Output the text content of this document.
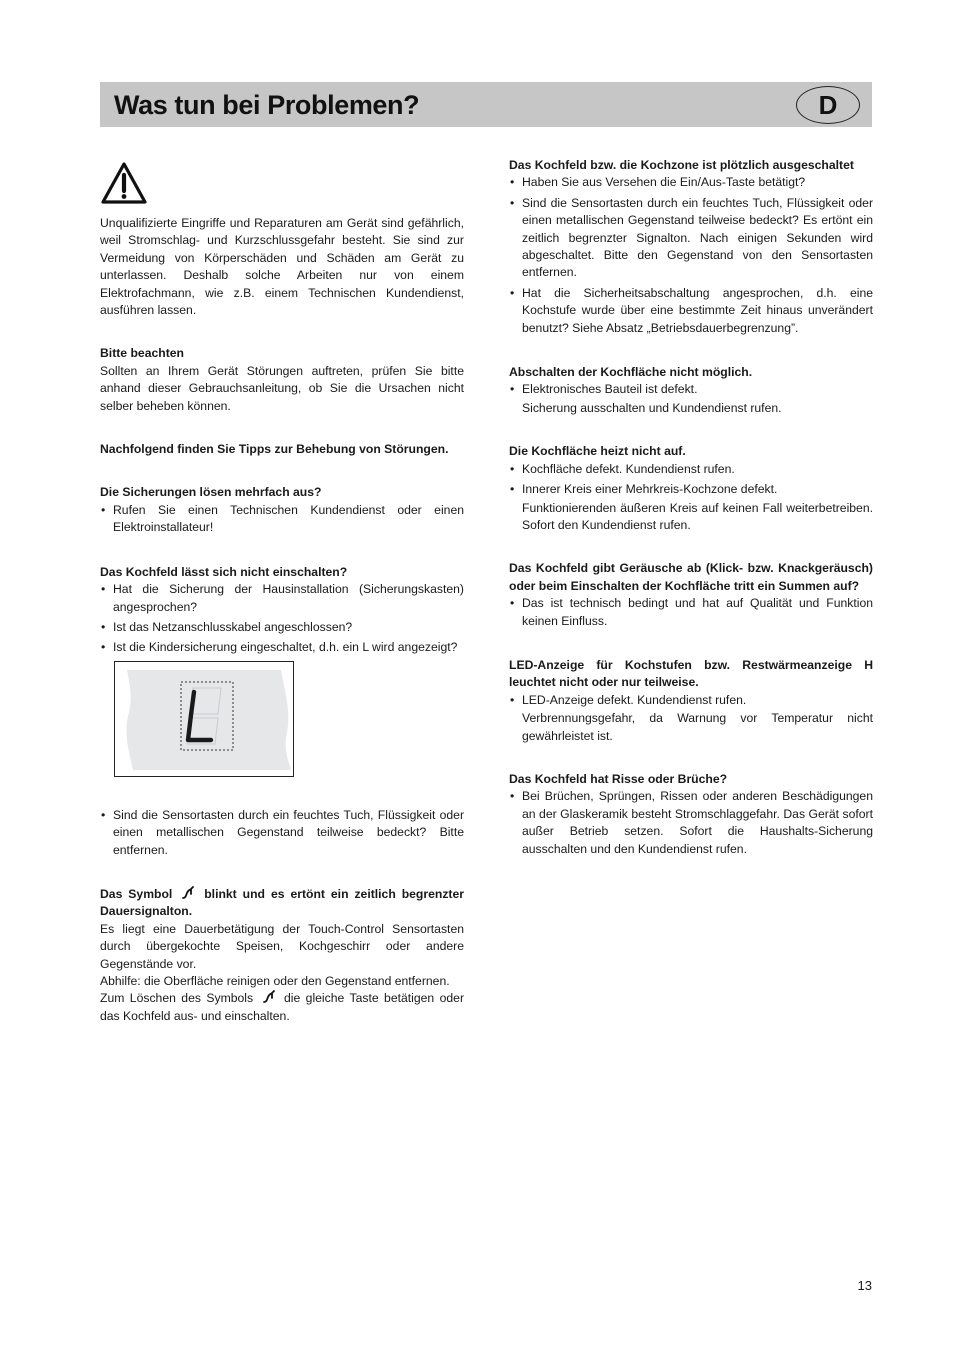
Was tun bei Problemen?	D

Unqualifizierte Eingriffe und Reparaturen am Gerät sind gefährlich, weil Stromschlag- und Kurzschlussgefahr besteht. Sie sind zur Vermeidung von Körperschäden und Schäden am Gerät zu unterlassen. Deshalb solche Arbeiten nur von einem Elektrofachmann, wie z.B. einem Technischen Kundendienst, ausführen lassen.

Bitte beachten

Sollten an Ihrem Gerät Störungen auftreten, prüfen Sie bitte anhand dieser Gebrauchsanleitung, ob Sie die Ursachen nicht selber beheben können.

Nachfolgend finden Sie Tipps zur Behebung von Störungen.

Die Sicherungen lösen mehrfach aus?

• Rufen Sie einen Technischen Kundendienst oder einen Elektroinstallateur!

Das Kochfeld lässt sich nicht einschalten?

• Hat die Sicherung der Hausinstallation (Sicherungskasten) angesprochen?
• Ist das Netzanschlusskabel angeschlossen?
• Ist die Kindersicherung eingeschaltet, d.h. ein L wird angezeigt?
• Sind die Sensortasten durch ein feuchtes Tuch, Flüssigkeit oder einen metallischen Gegenstand teilweise bedeckt? Bitte entfernen.

Das Symbol	blinkt und es ertönt ein zeitlich begrenzter Dauersignalton.

Es liegt eine Dauerbetätigung der Touch-Control Sensortasten durch übergekochte Speisen, Kochgeschirr oder andere Gegenstände vor.

Abhilfe: die Oberfläche reinigen oder den Gegenstand entfernen.

Zum Löschen des Symbols	die gleiche Taste betätigen oder das Kochfeld aus- und einschalten.

Das Kochfeld bzw. die Kochzone ist plötzlich ausgeschaltet

• Haben Sie aus Versehen die Ein/Aus-Taste betätigt?
• Sind die Sensortasten durch ein feuchtes Tuch, Flüssigkeit oder einen metallischen Gegenstand teilweise bedeckt? Es ertönt ein zeitlich begrenzter Signalton. Nach einigen Sekunden wird abgeschaltet. Bitte den Gegenstand von den Sensortasten entfernen.
• Hat die Sicherheitsabschaltung angesprochen, d.h. eine Kochstufe wurde über eine bestimmte Zeit hinaus unverändert benutzt? Siehe Absatz „Betriebsdauerbegrenzung”.

Abschalten der Kochfläche nicht möglich.

• Elektronisches Bauteil ist defekt.

Sicherung ausschalten und Kundendienst rufen.

Die Kochfläche heizt nicht auf.

• Kochfläche defekt. Kundendienst rufen.
• Innerer Kreis einer Mehrkreis-Kochzone defekt.

Funktionierenden äußeren Kreis auf keinen Fall weiterbetreiben. Sofort den Kundendienst rufen.

Das Kochfeld gibt Geräusche ab (Klick- bzw. Knackgeräusch) oder beim Einschalten der Kochfläche tritt ein Summen auf?

• Das ist technisch bedingt und hat auf Qualität und Funktion keinen Einfluss.

LED-Anzeige für Kochstufen bzw. Restwärmeanzeige H leuchtet nicht oder nur teilweise.

• LED-Anzeige defekt. Kundendienst rufen.

Verbrennungsgefahr, da Warnung vor Temperatur nicht gewährleistet ist.

Das Kochfeld hat Risse oder Brüche?

• Bei Brüchen, Sprüngen, Rissen oder anderen Beschädigungen an der Glaskeramik besteht Stromschlaggefahr. Das Gerät sofort außer Betrieb setzen. Sofort die Haushalts-Sicherung ausschalten und den Kundendienst rufen.
13
